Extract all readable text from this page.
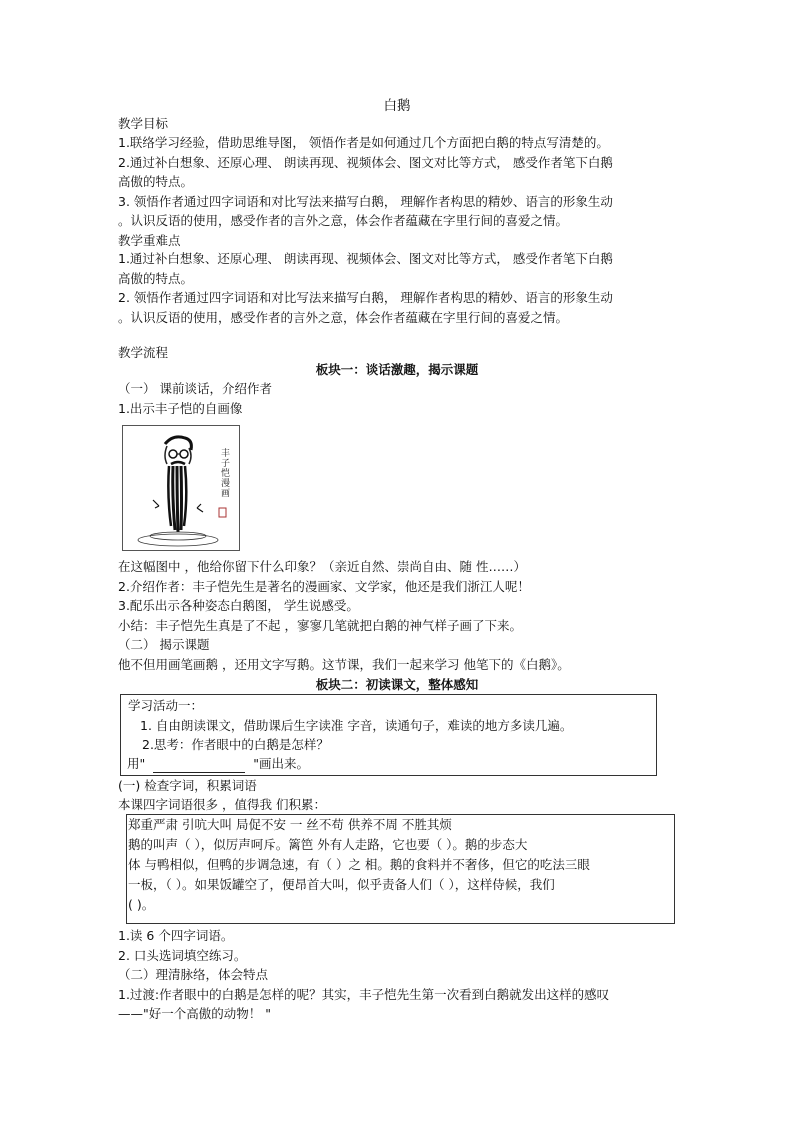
白鹅
教学目标
1.联络学习经验，借助思维导图， 领悟作者是如何通过几个方面把白鹅的特点写清楚的。
2.通过补白想象、还原心理、 朗读再现、视频体会、图文对比等方式， 感受作者笔下白鹅
高傲的特点。
3. 领悟作者通过四字词语和对比写法来描写白鹅， 理解作者构思的精妙、语言的形象生动
。认识反语的使用，感受作者的言外之意，体会作者蕴藏在字里行间的喜爱之情。
教学重难点
1.通过补白想象、还原心理、 朗读再现、视频体会、图文对比等方式， 感受作者笔下白鹅
高傲的特点。
2. 领悟作者通过四字词语和对比写法来描写白鹅， 理解作者构思的精妙、语言的形象生动
。认识反语的使用，感受作者的言外之意，体会作者蕴藏在字里行间的喜爱之情。
教学流程
板块一：谈话激趣，揭示课题
（一） 课前谈话，介绍作者
1.出示丰子恺的自画像
丰子恺漫画
在这幅图中 ，他给你留下什么印象？（亲近自然、崇尚自由、随 性……）
2.介绍作者：丰子恺先生是著名的漫画家、文学家，他还是我们浙江人呢！
3.配乐出示各种姿态白鹅图， 学生说感受。
小结：丰子恺先生真是了不起 ，寥寥几笔就把白鹅的神气样子画了下来。
（二） 揭示课题
他不但用画笔画鹅 ，还用文字写鹅。这节课，我们一起来学习 他笔下的《白鹅》。
板块二：初读课文，整体感知
学习活动一：
1. 自由朗读课文，借助课后生字读准 字音，读通句子，难读的地方多读几遍。
2.思考：作者眼中的白鹅是怎样？
用"	"画出来。
(一) 检查字词，积累词语
本课四字词语很多 ，值得我 们积累：
郑重严肃 引吭大叫 局促不安 一 丝不苟 供养不周 不胜其烦
鹅的叫声（ ），似厉声呵斥。篱笆 外有人走路，它也要（ ）。鹅的步态大
体 与鸭相似，但鸭的步调急速，有（ ）之 相。鹅的食料并不奢侈，但它的吃法三眼
一板，（ ）。如果饭罐空了，便昂首大叫，似乎责备人们（ ），这样侍候，我们
( )。
1.读 6 个四字词语。
2. 口头选词填空练习。
（二）理清脉络，体会特点
1.过渡:作者眼中的白鹅是怎样的呢？其实，丰子恺先生第一次看到白鹅就发出这样的感叹
——"好一个高傲的动物！ "
